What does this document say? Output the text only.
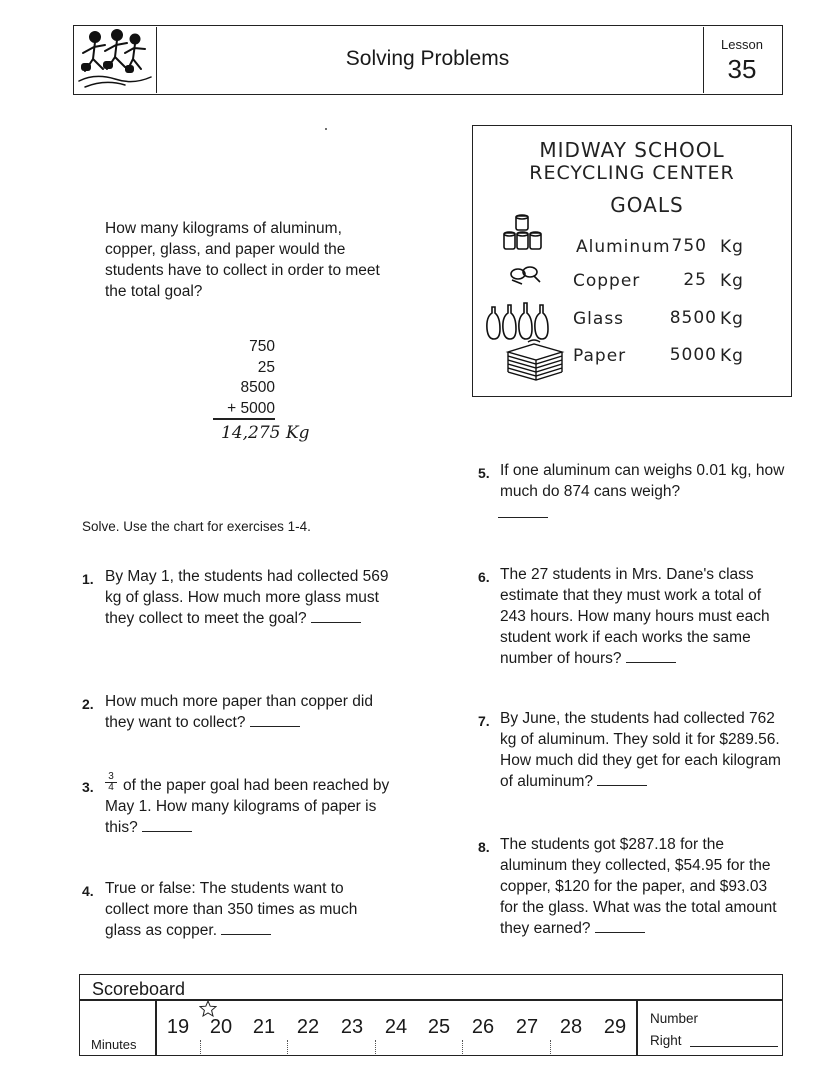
Solving Problems
Lesson
35
MIDWAY SCHOOL
RECYCLING CENTER
GOALS
Aluminum 750 Kg
Copper	25 Kg
Glass	8500 Kg
Paper	5000 Kg
How many kilograms of aluminum, copper, glass, and paper would the students have to collect in order to meet the total goal?
750
25
8500
+ 5000
14,275 Kg
Solve. Use the chart for exercises 1-4.
1. By May 1, the students had collected 569 kg of glass. How much more glass must they collect to meet the goal?
2. How much more paper than copper did they want to collect?
3. $\frac{3}{4}$ of the paper goal had been reached by May 1. How many kilograms of paper is this?
4. True or false: The students want to collect more than 350 times as much glass as copper.
5. If one aluminum can weighs 0.01 kg, how much do 874 cans weigh?
6. The 27 students in Mrs. Dane's class estimate that they must work a total of 243 hours. How many hours must each student work if each works the same number of hours?
7. By June, the students had collected 762 kg of aluminum. They sold it for $289.56. How much did they get for each kilogram of aluminum?
8. The students got $287.18 for the aluminum they collected, $54.95 for the copper, $120 for the paper, and $93.03 for the glass. What was the total amount they earned?
Scoreboard
Minutes
19	20	21	22	23	24	25	26	27	28	29	Number
Right
